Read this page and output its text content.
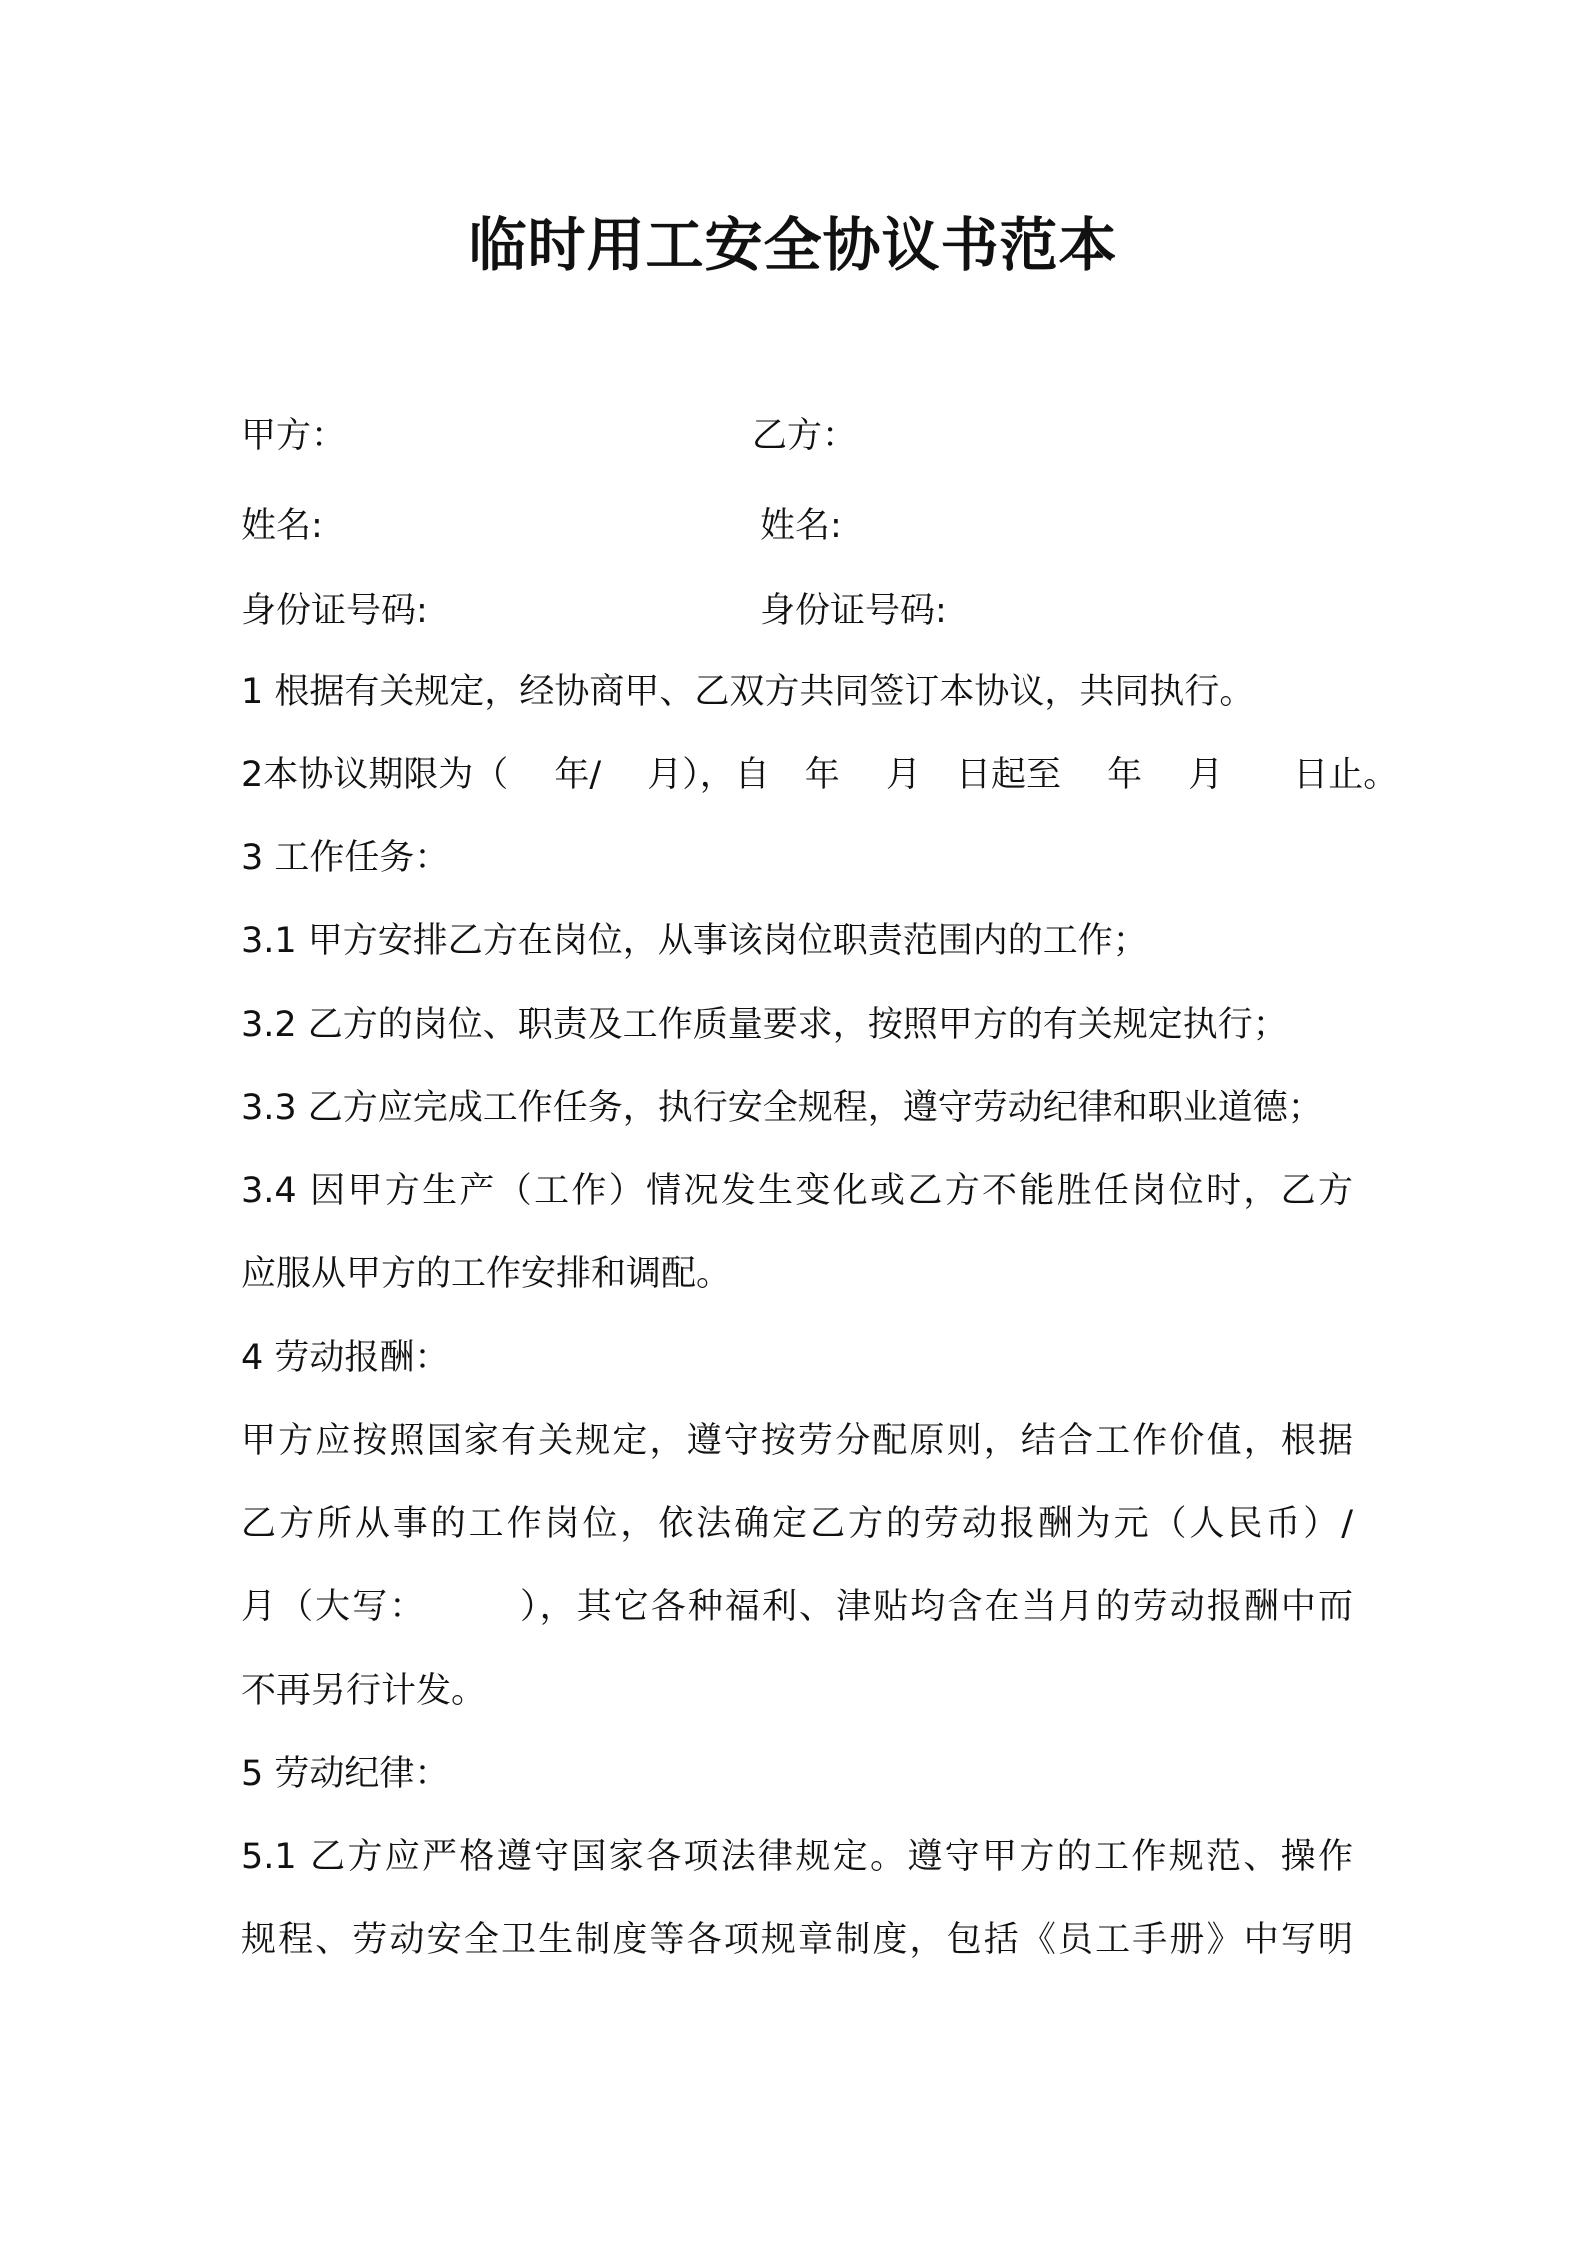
临时用工安全协议书范本
甲方：	乙方：
姓名:	姓名:
身份证号码:	身份证号码:
1 根据有关规定，经协商甲、乙双方共同签订本协议，共同执行。
2本协议期限为（　 年/　 月），自　年　 月　日起至　 年　 月　　日止。
3 工作任务：
3.1 甲方安排乙方在岗位，从事该岗位职责范围内的工作；
3.2 乙方的岗位、职责及工作质量要求，按照甲方的有关规定执行；
3.3 乙方应完成工作任务，执行安全规程，遵守劳动纪律和职业道德；
3.4 因甲方生产（工作）情况发生变化或乙方不能胜任岗位时，乙方
应服从甲方的工作安排和调配。
4 劳动报酬：
甲方应按照国家有关规定，遵守按劳分配原则，结合工作价值，根据
乙方所从事的工作岗位，依法确定乙方的劳动报酬为元（人民币）/
月（大写：　　　），其它各种福利、津贴均含在当月的劳动报酬中而
不再另行计发。
5 劳动纪律：
5.1 乙方应严格遵守国家各项法律规定。遵守甲方的工作规范、操作
规程、劳动安全卫生制度等各项规章制度，包括《员工手册》中写明
